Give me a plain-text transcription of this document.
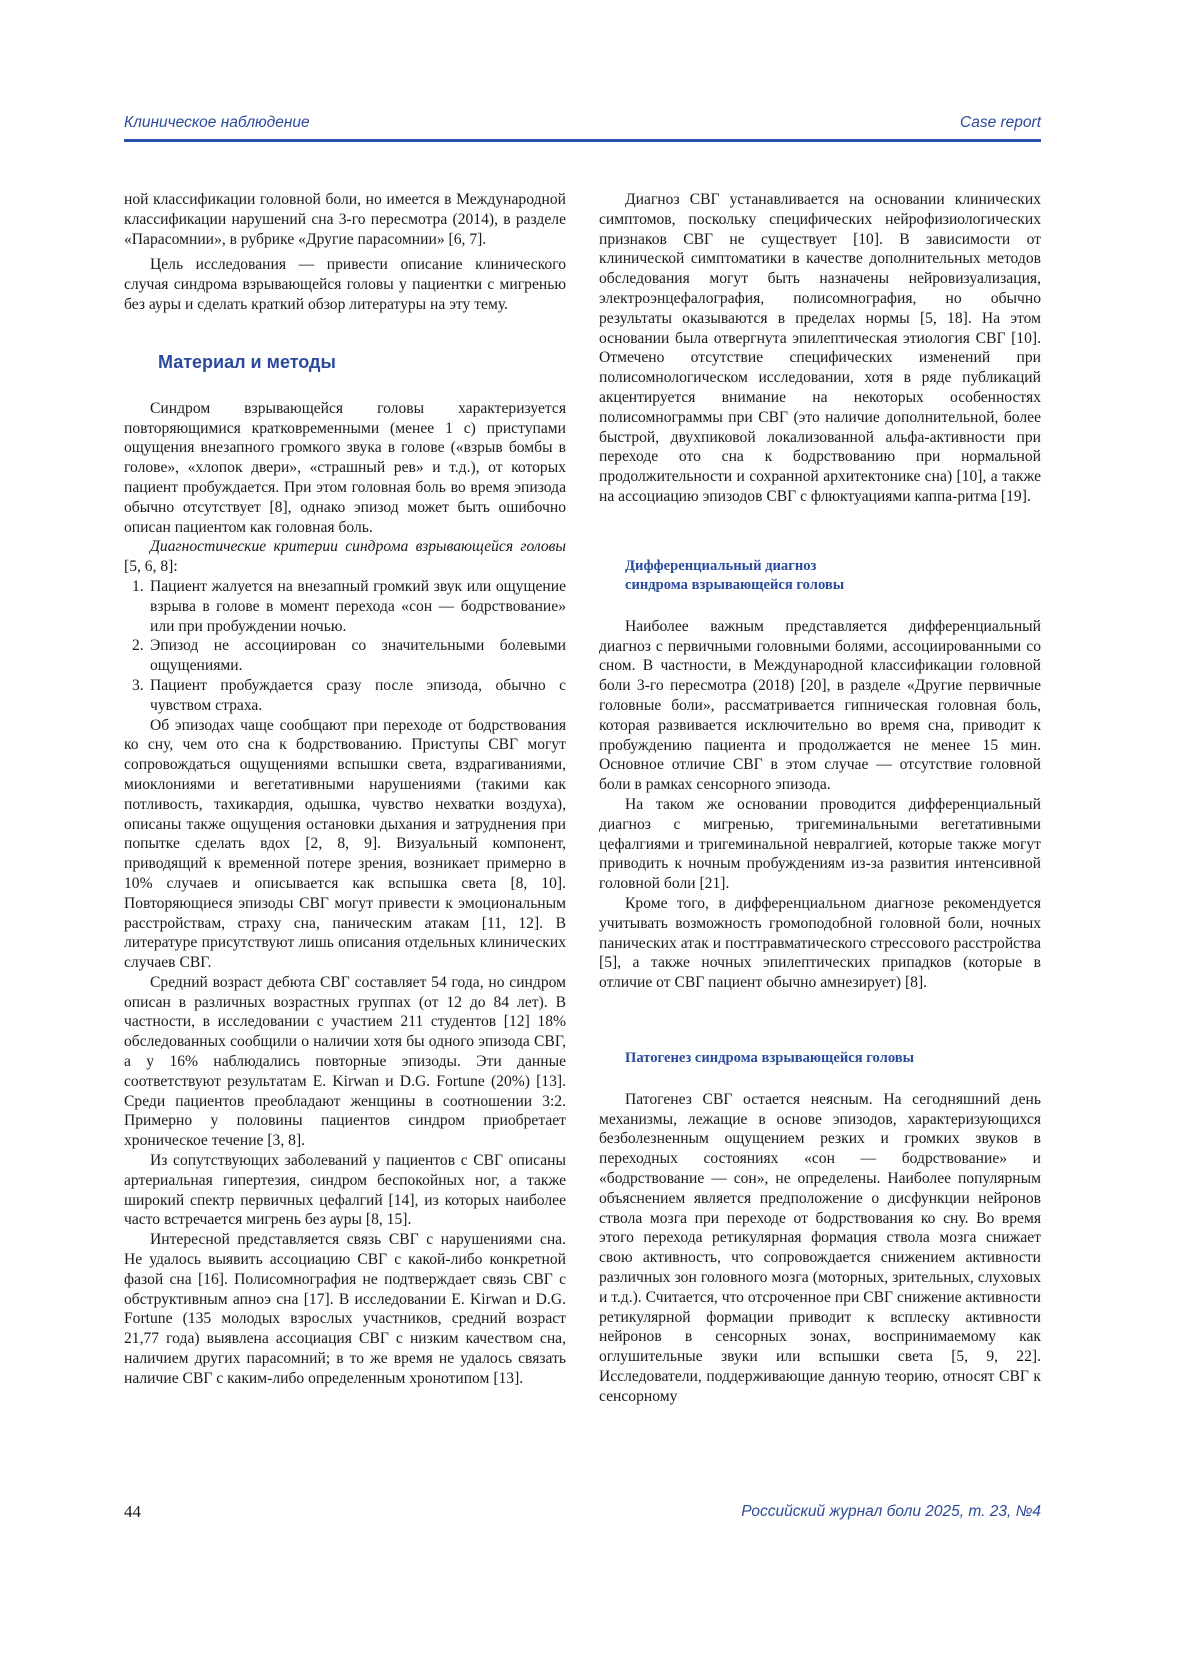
Клиническое наблюдение	Case report

ной классификации головной боли, но имеется в Международной классификации нарушений сна 3-го пересмотра (2014), в разделе «Парасомнии», в рубрике «Другие парасомнии» [6, 7].

Цель исследования — привести описание клинического случая синдрома взрывающейся головы у пациентки с мигренью без ауры и сделать краткий обзор литературы на эту тему.

Материал и методы

Синдром взрывающейся головы характеризуется повторяющимися кратковременными (менее 1 с) приступами ощущения внезапного громкого звука в голове («взрыв бомбы в голове», «хлопок двери», «страшный рев» и т.д.), от которых пациент пробуждается. При этом головная боль во время эпизода обычно отсутствует [8], однако эпизод может быть ошибочно описан пациентом как головная боль.

Диагностические критерии синдрома взрывающейся головы [5, 6, 8]:

1. Пациент жалуется на внезапный громкий звук или ощущение взрыва в голове в момент перехода «сон — бодрствование» или при пробуждении ночью.
2. Эпизод не ассоциирован со значительными болевыми ощущениями.
3. Пациент пробуждается сразу после эпизода, обычно с чувством страха.

Об эпизодах чаще сообщают при переходе от бодрствования ко сну, чем ото сна к бодрствованию. Приступы СВГ могут сопровождаться ощущениями вспышки света, вздрагиваниями, миоклониями и вегетативными нарушениями (такими как потливость, тахикардия, одышка, чувство нехватки воздуха), описаны также ощущения остановки дыхания и затруднения при попытке сделать вдох [2, 8, 9]. Визуальный компонент, приводящий к временной потере зрения, возникает примерно в 10% случаев и описывается как вспышка света [8, 10]. Повторяющиеся эпизоды СВГ могут привести к эмоциональным расстройствам, страху сна, паническим атакам [11, 12]. В литературе присутствуют лишь описания отдельных клинических случаев СВГ.

Средний возраст дебюта СВГ составляет 54 года, но синдром описан в различных возрастных группах (от 12 до 84 лет). В частности, в исследовании с участием 211 студентов [12] 18% обследованных сообщили о наличии хотя бы одного эпизода СВГ, а у 16% наблюдались повторные эпизоды. Эти данные соответствуют результатам E. Kirwan и D.G. Fortune (20%) [13]. Среди пациентов преобладают женщины в соотношении 3:2. Примерно у половины пациентов синдром приобретает хроническое течение [3, 8].

Из сопутствующих заболеваний у пациентов с СВГ описаны артериальная гипертезия, синдром беспокойных ног, а также широкий спектр первичных цефалгий [14], из которых наиболее часто встречается мигрень без ауры [8, 15].

Интересной представляется связь СВГ с нарушениями сна. Не удалось выявить ассоциацию СВГ с какой-либо конкретной фазой сна [16]. Полисомнография не подтверждает связь СВГ с обструктивным апноэ сна [17]. В исследовании E. Kirwan и D.G. Fortune (135 молодых взрослых участников, средний возраст 21,77 года) выявлена ассоциация СВГ с низким качеством сна, наличием других парасомний; в то же время не удалось связать наличие СВГ с каким-либо определенным хронотипом [13].

Диагноз СВГ устанавливается на основании клинических симптомов, поскольку специфических нейрофизиологических признаков СВГ не существует [10]. В зависимости от клинической симптоматики в качестве дополнительных методов обследования могут быть назначены нейровизуализация, электроэнцефалография, полисомнография, но обычно результаты оказываются в пределах нормы [5, 18]. На этом основании была отвергнута эпилептическая этиология СВГ [10]. Отмечено отсутствие специфических изменений при полисомнологическом исследовании, хотя в ряде публикаций акцентируется внимание на некоторых особенностях полисомнограммы при СВГ (это наличие дополнительной, более быстрой, двухпиковой локализованной альфа-активности при переходе ото сна к бодрствованию при нормальной продолжительности и сохранной архитектонике сна) [10], а также на ассоциацию эпизодов СВГ с флюктуациями каппа-ритма [19].

Дифференциальный диагноз
синдрома взрывающейся головы

Наиболее важным представляется дифференциальный диагноз с первичными головными болями, ассоциированными со сном. В частности, в Международной классификации головной боли 3-го пересмотра (2018) [20], в разделе «Другие первичные головные боли», рассматривается гипническая головная боль, которая развивается исключительно во время сна, приводит к пробуждению пациента и продолжается не менее 15 мин. Основное отличие СВГ в этом случае — отсутствие головной боли в рамках сенсорного эпизода.

На таком же основании проводится дифференциальный диагноз с мигренью, тригеминальными вегетативными цефалгиями и тригеминальной невралгией, которые также могут приводить к ночным пробуждениям из-за развития интенсивной головной боли [21].

Кроме того, в дифференциальном диагнозе рекомендуется учитывать возможность громоподобной головной боли, ночных панических атак и посттравматического стрессового расстройства [5], а также ночных эпилептических припадков (которые в отличие от СВГ пациент обычно амнезирует) [8].

Патогенез синдрома взрывающейся головы

Патогенез СВГ остается неясным. На сегодняшний день механизмы, лежащие в основе эпизодов, характеризующихся безболезненным ощущением резких и громких звуков в переходных состояниях «сон — бодрствование» и «бодрствование — сон», не определены. Наиболее популярным объяснением является предположение о дисфункции нейронов ствола мозга при переходе от бодрствования ко сну. Во время этого перехода ретикулярная формация ствола мозга снижает свою активность, что сопровождается снижением активности различных зон головного мозга (моторных, зрительных, слуховых и т.д.). Считается, что отсроченное при СВГ снижение активности ретикулярной формации приводит к всплеску активности нейронов в сенсорных зонах, воспринимаемому как оглушительные звуки или вспышки света [5, 9, 22]. Исследователи, поддерживающие данную теорию, относят СВГ к сенсорному

44	Российский журнал боли 2025, т. 23, №4
